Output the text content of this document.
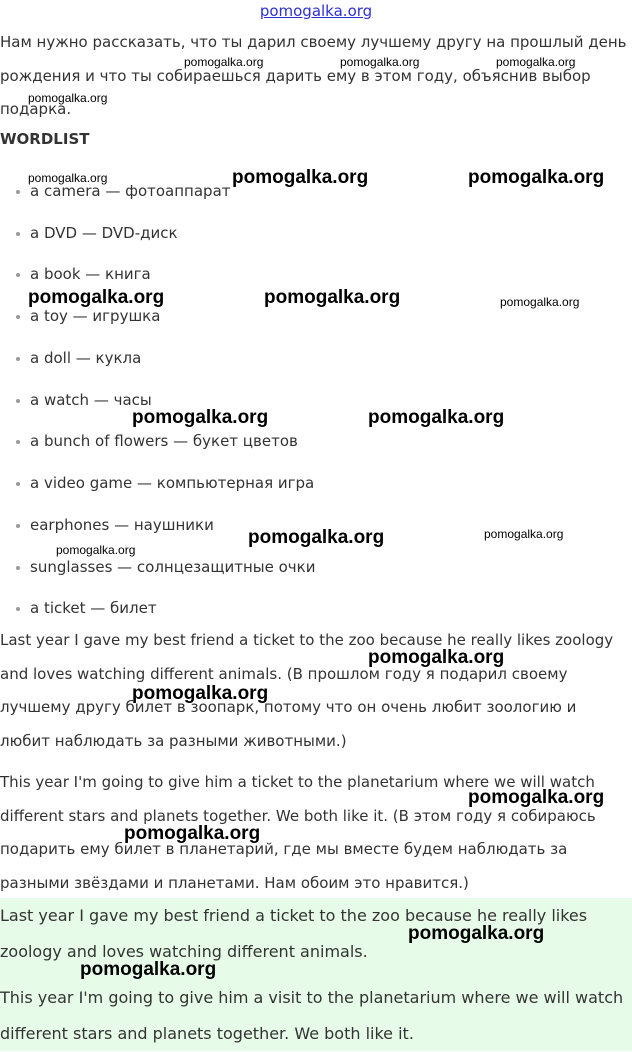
pomogalka.org

Нам нужно рассказать, что ты дарил своему лучшему другу на прошлый день рождения и что ты собираешься дарить ему в этом году, объяснив выбор подарка.

WORDLIST
a camera — фотоаппарат
a DVD — DVD-диск
a book — книга
a toy — игрушка
a doll — кукла
a watch — часы
a bunch of flowers — букет цветов
a video game — компьютерная игра
earphones — наушники
sunglasses — солнцезащитные очки
a ticket — билет

Last year I gave my best friend a ticket to the zoo because he really likes zoology and loves watching different animals. (В прошлом году я подарил своему лучшему другу билет в зоопарк, потому что он очень любит зоологию и любит наблюдать за разными животными.)

This year I'm going to give him a ticket to the planetarium where we will watch different stars and planets together. We both like it. (В этом году я собираюсь подарить ему билет в планетарий, где мы вместе будем наблюдать за разными звёздами и планетами. Нам обоим это нравится.)

Last year I gave my best friend a ticket to the zoo because he really likes zoology and loves watching different animals.

This year I'm going to give him a visit to the planetarium where we will watch different stars and planets together. We both like it.

pomogalka.org	pomogalka.org	pomogalka.org
pomogalka.org
pomogalka.org	pomogalka.org	pomogalka.org
pomogalka.org	pomogalka.org	pomogalka.org
pomogalka.org	pomogalka.org
pomogalka.org
pomogalka.org	pomogalka.org
pomogalka.org
pomogalka.org
pomogalka.org
pomogalka.org
pomogalka.org
pomogalka.org
